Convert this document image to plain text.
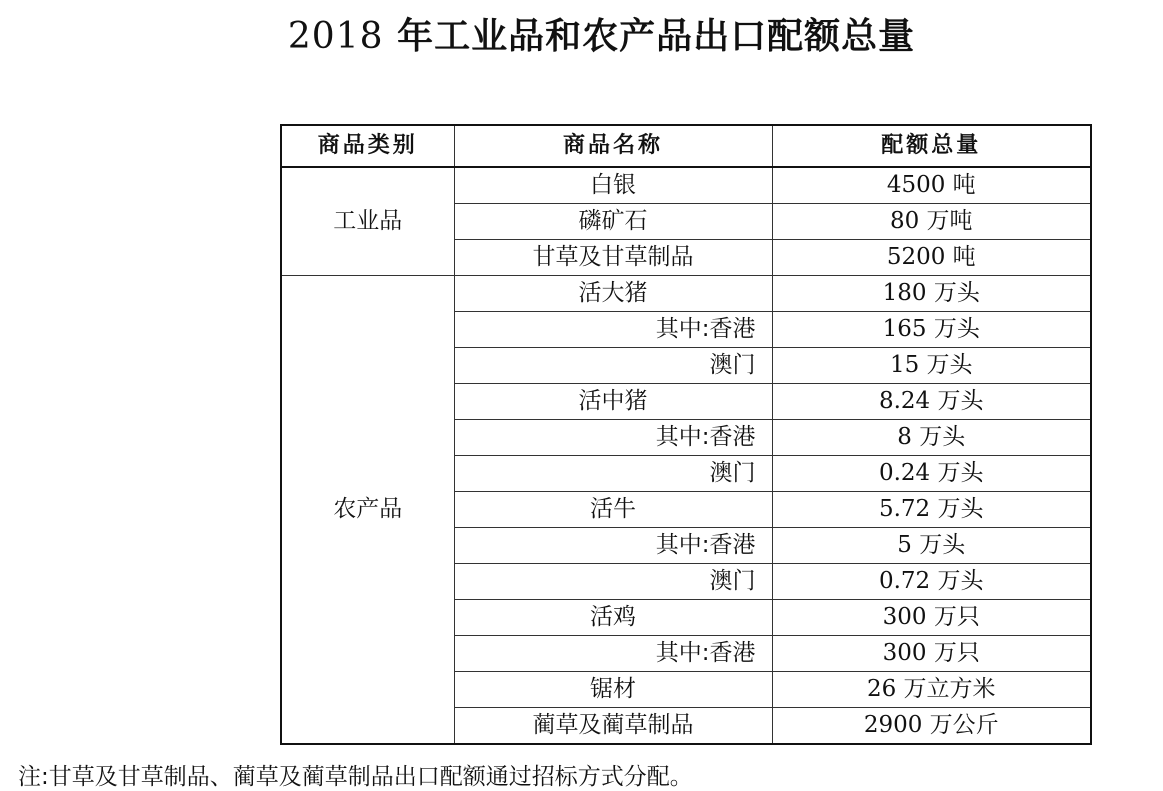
2018 年工业品和农产品出口配额总量
商品类别	商品名称	配额总量
工业品	白银	4500 吨
	磷矿石	80 万吨
	甘草及甘草制品	5200 吨
农产品	活大猪	180 万头
	其中:香港	165 万头
	澳门	15 万头
	活中猪	8.24 万头
	其中:香港	8 万头
	澳门	0.24 万头
	活牛	5.72 万头
	其中:香港	5 万头
	澳门	0.72 万头
	活鸡	300 万只
	其中:香港	300 万只
	锯材	26 万立方米
	蔺草及蔺草制品	2900 万公斤
注:甘草及甘草制品、蔺草及蔺草制品出口配额通过招标方式分配。
